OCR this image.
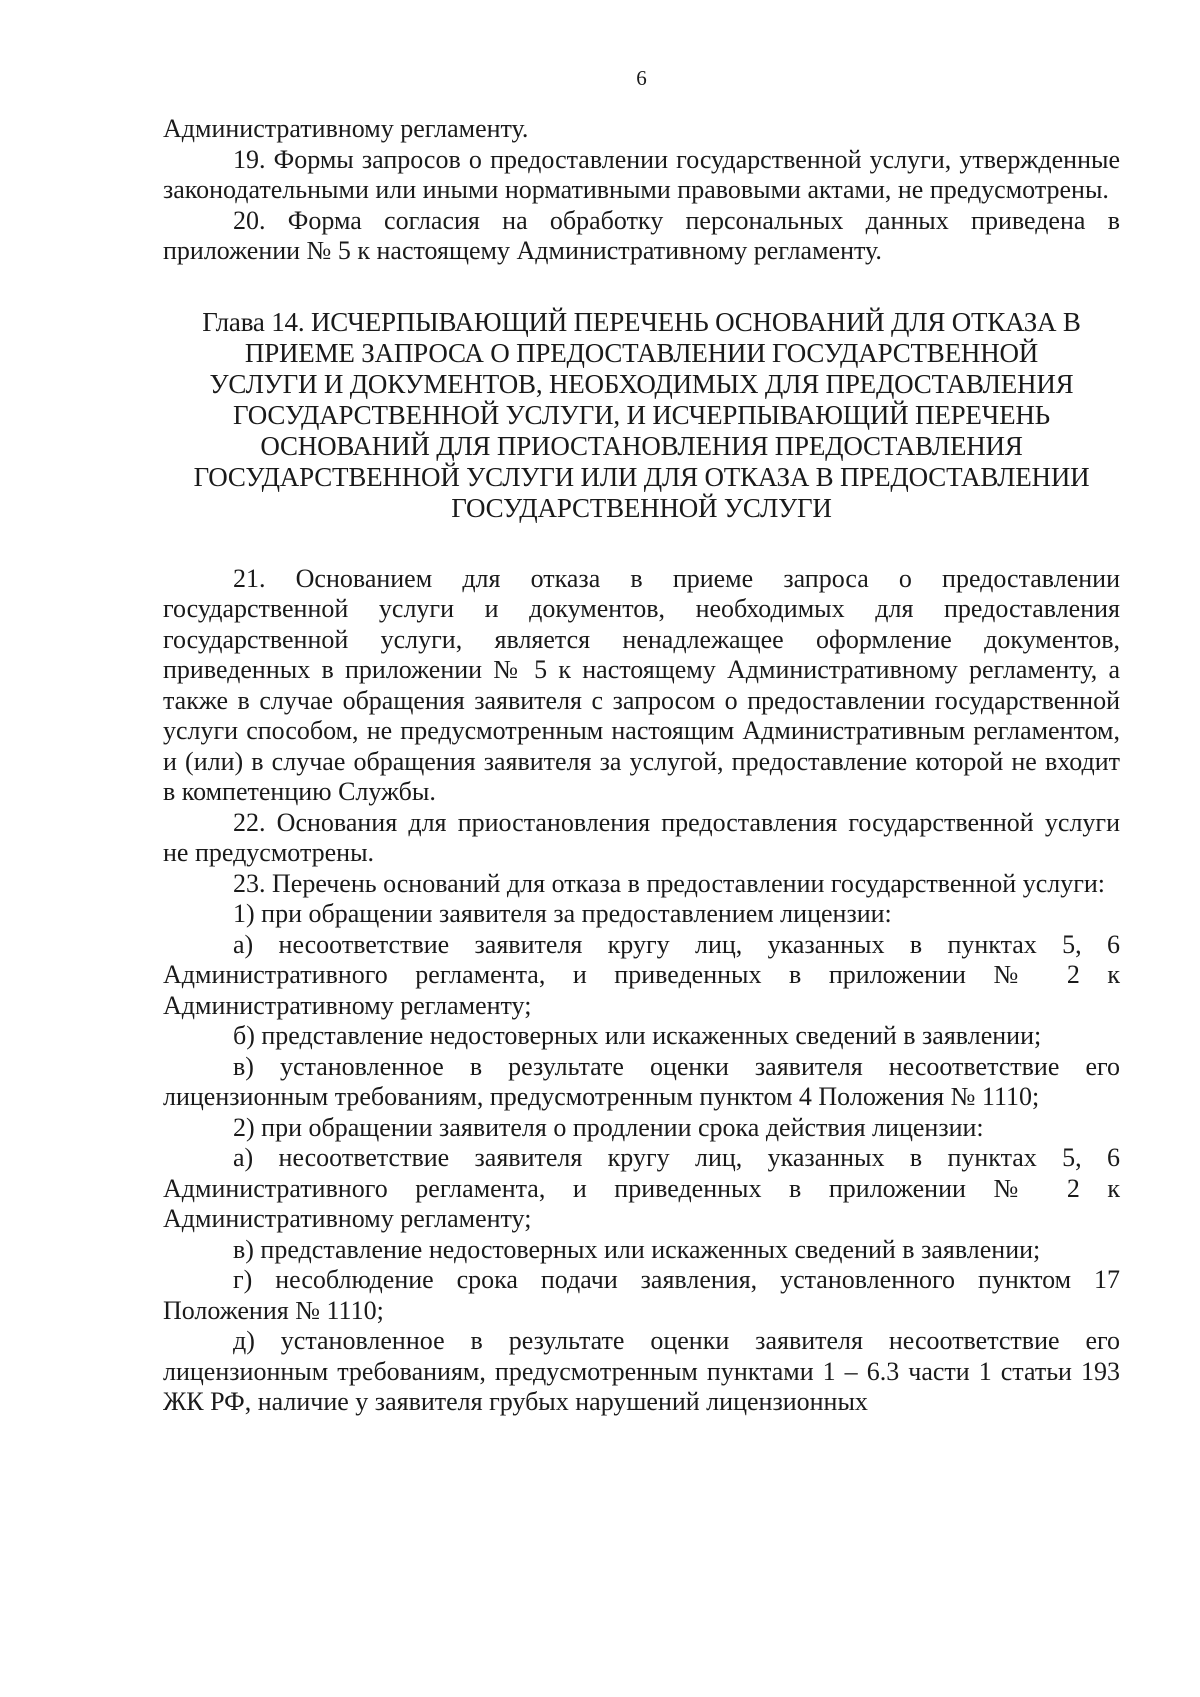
6

Административному регламенту.

19. Формы запросов о предоставлении государственной услуги, утвержденные законодательными или иными нормативными правовыми актами, не предусмотрены.

20. Форма согласия на обработку персональных данных приведена в приложении № 5 к настоящему Административному регламенту.

Глава 14. ИСЧЕРПЫВАЮЩИЙ ПЕРЕЧЕНЬ ОСНОВАНИЙ ДЛЯ ОТКАЗА В
ПРИЕМЕ ЗАПРОСА О ПРЕДОСТАВЛЕНИИ ГОСУДАРСТВЕННОЙ
УСЛУГИ И ДОКУМЕНТОВ, НЕОБХОДИМЫХ ДЛЯ ПРЕДОСТАВЛЕНИЯ
ГОСУДАРСТВЕННОЙ УСЛУГИ, И ИСЧЕРПЫВАЮЩИЙ ПЕРЕЧЕНЬ
ОСНОВАНИЙ ДЛЯ ПРИОСТАНОВЛЕНИЯ ПРЕДОСТАВЛЕНИЯ
ГОСУДАРСТВЕННОЙ УСЛУГИ ИЛИ ДЛЯ ОТКАЗА В ПРЕДОСТАВЛЕНИИ
ГОСУДАРСТВЕННОЙ УСЛУГИ

21. Основанием для отказа в приеме запроса о предоставлении государственной услуги и документов, необходимых для предоставления государственной услуги, является ненадлежащее оформление документов, приведенных в приложении № 5 к настоящему Административному регламенту, а также в случае обращения заявителя с запросом о предоставлении государственной услуги способом, не предусмотренным настоящим Административным регламентом, и (или) в случае обращения заявителя за услугой, предоставление которой не входит в компетенцию Службы.

22. Основания для приостановления предоставления государственной услуги не предусмотрены.

23. Перечень оснований для отказа в предоставлении государственной услуги:

1) при обращении заявителя за предоставлением лицензии:

а) несоответствие заявителя кругу лиц, указанных в пунктах 5, 6 Административного регламента, и приведенных в приложении № 2 к Административному регламенту;

б) представление недостоверных или искаженных сведений в заявлении;

в) установленное в результате оценки заявителя несоответствие его лицензионным требованиям, предусмотренным пунктом 4 Положения № 1110;

2) при обращении заявителя о продлении срока действия лицензии:

а) несоответствие заявителя кругу лиц, указанных в пунктах 5, 6 Административного регламента, и приведенных в приложении № 2 к Административному регламенту;

в) представление недостоверных или искаженных сведений в заявлении;

г) несоблюдение срока подачи заявления, установленного пунктом 17 Положения № 1110;

д) установленное в результате оценки заявителя несоответствие его лицензионным требованиям, предусмотренным пунктами 1 – 6.3 части 1 статьи 193 ЖК РФ, наличие у заявителя грубых нарушений лицензионных
